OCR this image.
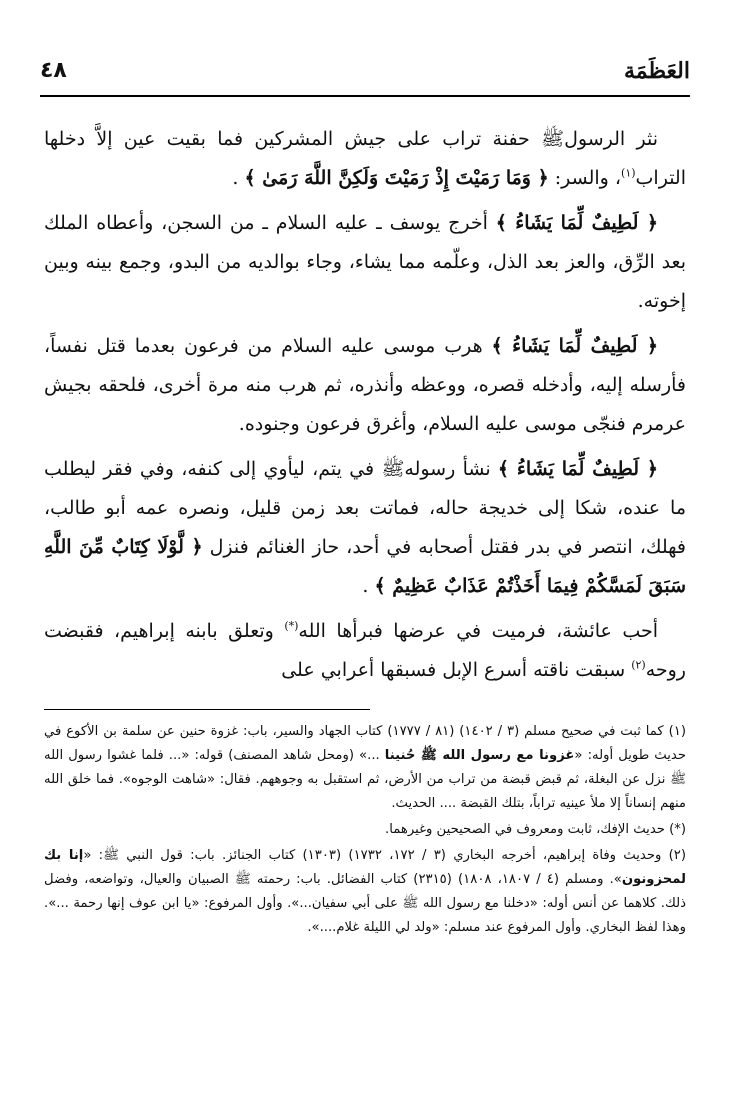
العَظَمَة
٤٨

نثر الرسولﷺ حفنة تراب على جيش المشركين فما بقيت عين إلاَّ دخلها التراب$^{(١)}$، والسر: ﴿ وَمَا رَمَيْتَ إِذْ رَمَيْتَ وَلَكِنَّ اللَّهَ رَمَىٰ ﴾ .

﴿ لَطِيفٌ لِّمَا يَشَاءُ ﴾ أخرج يوسف ـ عليه السلام ـ من السجن، وأعطاه الملك بعد الرِّق، والعز بعد الذل، وعلّمه مما يشاء، وجاء بوالديه من البدو، وجمع بينه وبين إخوته.

﴿ لَطِيفٌ لِّمَا يَشَاءُ ﴾ هرب موسى عليه السلام من فرعون بعدما قتل نفساً، فأرسله إليه، وأدخله قصره، ووعظه وأنذره، ثم هرب منه مرة أخرى، فلحقه بجيش عرمرم فنجّى موسى عليه السلام، وأغرق فرعون وجنوده.

﴿ لَطِيفٌ لِّمَا يَشَاءُ ﴾ نشأ رسولهﷺ في يتم، ليأوي إلى كنفه، وفي فقر ليطلب ما عنده، شكا إلى خديجة حاله، فماتت بعد زمن قليل، ونصره عمه أبو طالب، فهلك، انتصر في بدر فقتل أصحابه في أحد، حاز الغنائم فنزل ﴿ لَّوْلَا كِتَابٌ مِّنَ اللَّهِ سَبَقَ لَمَسَّكُمْ فِيمَا أَخَذْتُمْ عَذَابٌ عَظِيمٌ ﴾ .

أحب عائشة، فرميت في عرضها فبرأها الله(*) وتعلق بابنه إبراهيم، فقبضت روحه$^{(٢)}$ سبقت ناقته أسرع الإبل فسبقها أعرابي على

(١) كما ثبت في صحيح مسلم (٣ / ١٤٠٢) (٨١ / ١٧٧٧) كتاب الجهاد والسير، باب: غزوة حنين عن سلمة بن الأكوع في حديث طويل أوله: «غزونا مع رسول الله ﷺ حُنينا ...» (ومحل شاهد المصنف) قوله: «... فلما غشوا رسول الله ﷺ نزل عن البغلة، ثم قبض قبضة من تراب من الأرض، ثم استقبل به وجوههم. فقال: «شاهت الوجوه». فما خلق الله منهم إنساناً إلا ملأ عينيه تراباً، بتلك القبضة .... الحديث.

(*) حديث الإفك، ثابت ومعروف في الصحيحين وغيرهما.

(٢) وحديث وفاة إبراهيم، أخرجه البخاري (٣ / ١٧٢، ١٧٣٢) (١٣٠٣) كتاب الجنائز. باب: قول النبي ﷺ: «إنا بك لمحزونون». ومسلم (٤ / ١٨٠٧، ١٨٠٨) (٢٣١٥) كتاب الفضائل. باب: رحمته ﷺ الصبيان والعيال، وتواضعه، وفضل ذلك. كلاهما عن أنس أوله: «دخلنا مع رسول الله ﷺ على أبي سفيان...». وأول المرفوع: «يا ابن عوف إنها رحمة ...». وهذا لفظ البخاري. وأول المرفوع عند مسلم: «ولد لي الليلة غلام....».
